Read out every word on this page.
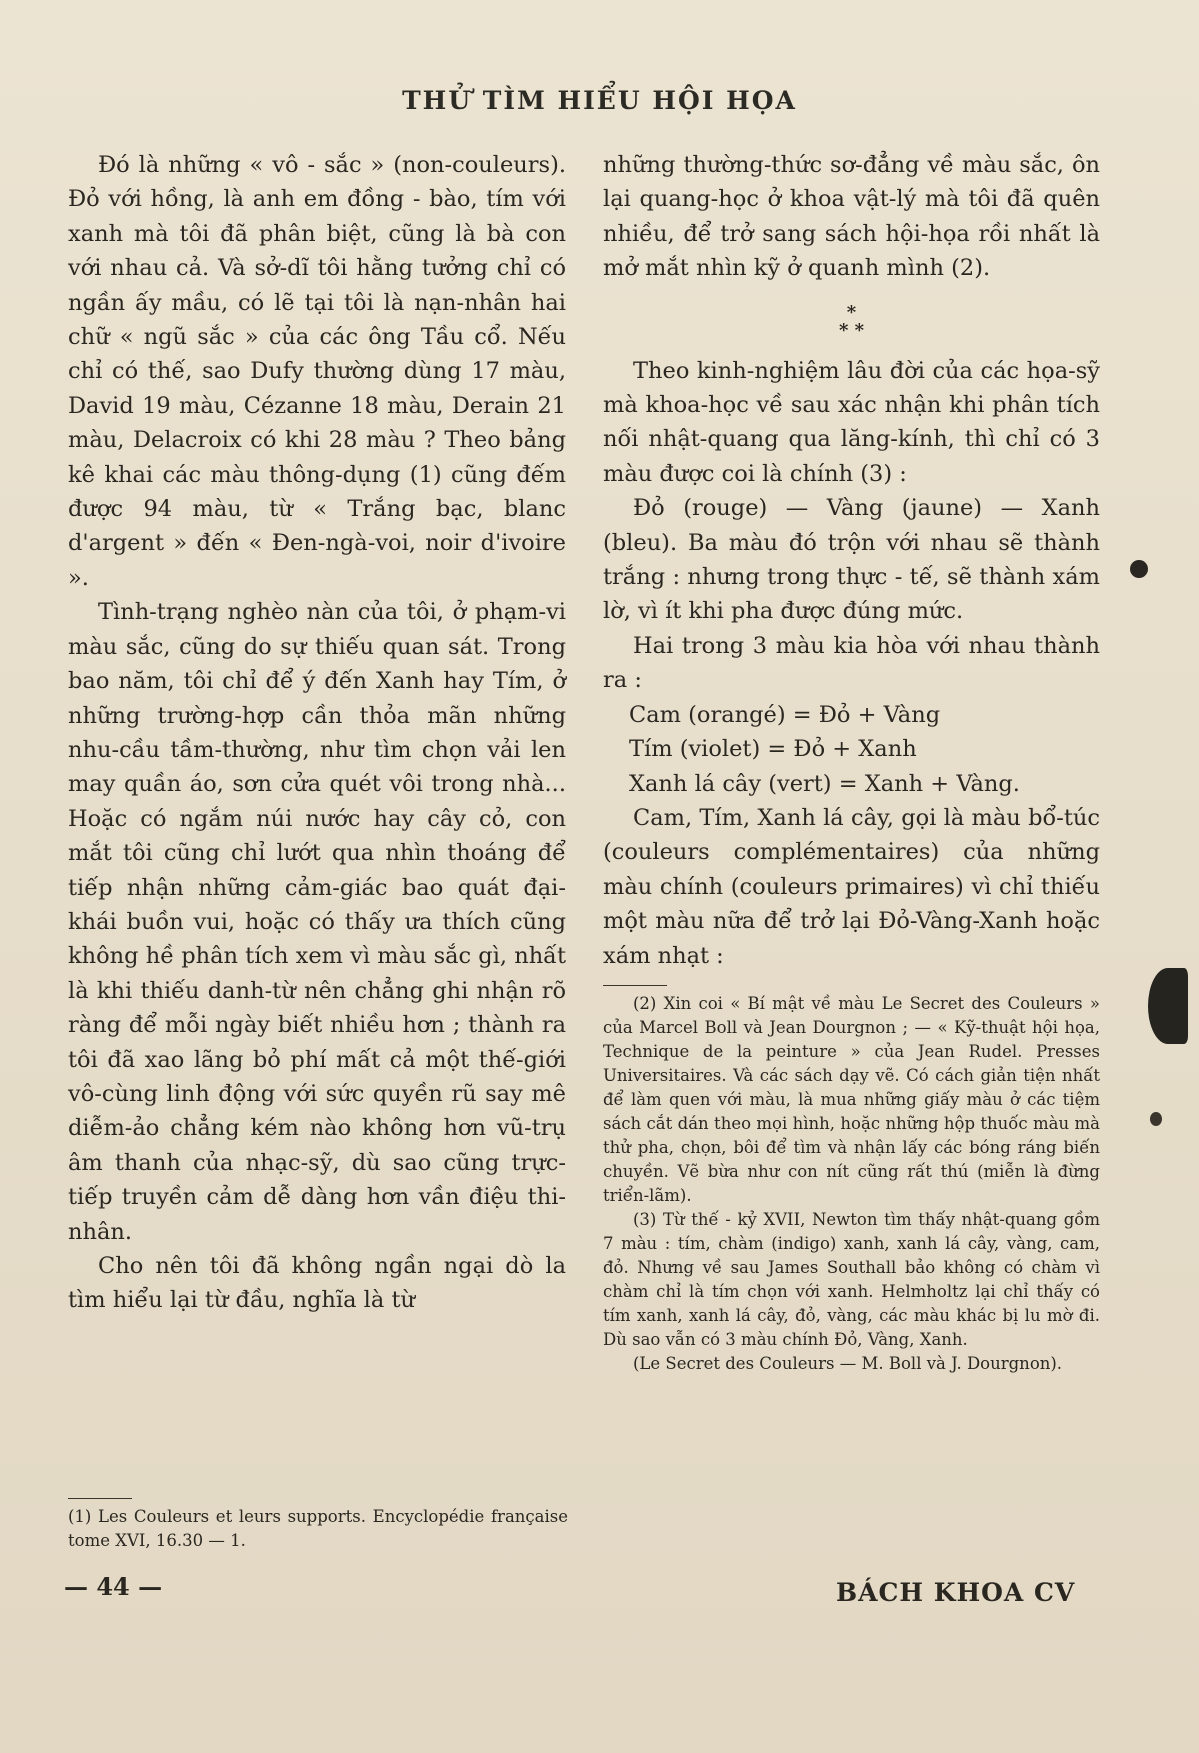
THỬ TÌM HIỂU HỘI HỌA

Đó là những « vô - sắc » (non-couleurs). Đỏ với hồng, là anh em đồng - bào, tím với xanh mà tôi đã phân biệt, cũng là bà con với nhau cả. Và sở-dĩ tôi hằng tưởng chỉ có ngần ấy mầu, có lẽ tại tôi là nạn-nhân hai chữ « ngũ sắc » của các ông Tầu cổ. Nếu chỉ có thế, sao Dufy thường dùng 17 màu, David 19 màu, Cézanne 18 màu, Derain 21 màu, Delacroix có khi 28 màu ? Theo bảng kê khai các màu thông-dụng (1) cũng đếm được 94 màu, từ « Trắng bạc, blanc d'argent » đến « Đen-ngà-voi, noir d'ivoire ».

Tình-trạng nghèo nàn của tôi, ở phạm-vi màu sắc, cũng do sự thiếu quan sát. Trong bao năm, tôi chỉ để ý đến Xanh hay Tím, ở những trường-hợp cần thỏa mãn những nhu-cầu tầm-thường, như tìm chọn vải len may quần áo, sơn cửa quét vôi trong nhà... Hoặc có ngắm núi nước hay cây cỏ, con mắt tôi cũng chỉ lướt qua nhìn thoáng để tiếp nhận những cảm-giác bao quát đại-khái buồn vui, hoặc có thấy ưa thích cũng không hề phân tích xem vì màu sắc gì, nhất là khi thiếu danh-từ nên chẳng ghi nhận rõ ràng để mỗi ngày biết nhiều hơn ; thành ra tôi đã xao lãng bỏ phí mất cả một thế-giới vô-cùng linh động với sức quyền rũ say mê diễm-ảo chẳng kém nào không hơn vũ-trụ âm thanh của nhạc-sỹ, dù sao cũng trực-tiếp truyền cảm dễ dàng hơn vần điệu thi-nhân.

Cho nên tôi đã không ngần ngại dò la tìm hiểu lại từ đầu, nghĩa là từ

(1) Les Couleurs et leurs supports. Encyclopédie française tome XVI, 16.30 — 1.

những thường-thức sơ-đẳng về màu sắc, ôn lại quang-học ở khoa vật-lý mà tôi đã quên nhiều, để trở sang sách hội-họa rồi nhất là mở mắt nhìn kỹ ở quanh mình (2).

*
* *

Theo kinh-nghiệm lâu đời của các họa-sỹ mà khoa-học về sau xác nhận khi phân tích nối nhật-quang qua lăng-kính, thì chỉ có 3 màu được coi là chính (3) :

Đỏ (rouge) — Vàng (jaune) — Xanh (bleu). Ba màu đó trộn với nhau sẽ thành trắng : nhưng trong thực - tế, sẽ thành xám lờ, vì ít khi pha được đúng mức.

Hai trong 3 màu kia hòa với nhau thành ra :

Cam (orangé) = Đỏ + Vàng
Tím (violet) = Đỏ + Xanh
Xanh lá cây (vert) = Xanh + Vàng.

Cam, Tím, Xanh lá cây, gọi là màu bổ-túc (couleurs complémentaires) của những màu chính (couleurs primaires) vì chỉ thiếu một màu nữa để trở lại Đỏ-Vàng-Xanh hoặc xám nhạt :

(2) Xin coi « Bí mật về màu Le Secret des Couleurs » của Marcel Boll và Jean Dourgnon ; — « Kỹ-thuật hội họa, Technique de la peinture » của Jean Rudel. Presses Universitaires. Và các sách dạy vẽ. Có cách giản tiện nhất để làm quen với màu, là mua những giấy màu ở các tiệm sách cắt dán theo mọi hình, hoặc những hộp thuốc màu mà thử pha, chọn, bôi để tìm và nhận lấy các bóng ráng biến chuyền. Vẽ bừa như con nít cũng rất thú (miễn là đừng triển-lãm).

(3) Từ thế - kỷ XVII, Newton tìm thấy nhật-quang gồm 7 màu : tím, chàm (indigo) xanh, xanh lá cây, vàng, cam, đỏ. Nhưng về sau James Southall bảo không có chàm vì chàm chỉ là tím chọn với xanh. Helmholtz lại chỉ thấy có tím xanh, xanh lá cây, đỏ, vàng, các màu khác bị lu mờ đi. Dù sao vẫn có 3 màu chính Đỏ, Vàng, Xanh.

(Le Secret des Couleurs — M. Boll và J. Dourgnon).

— 44 —	BÁCH KHOA CV
